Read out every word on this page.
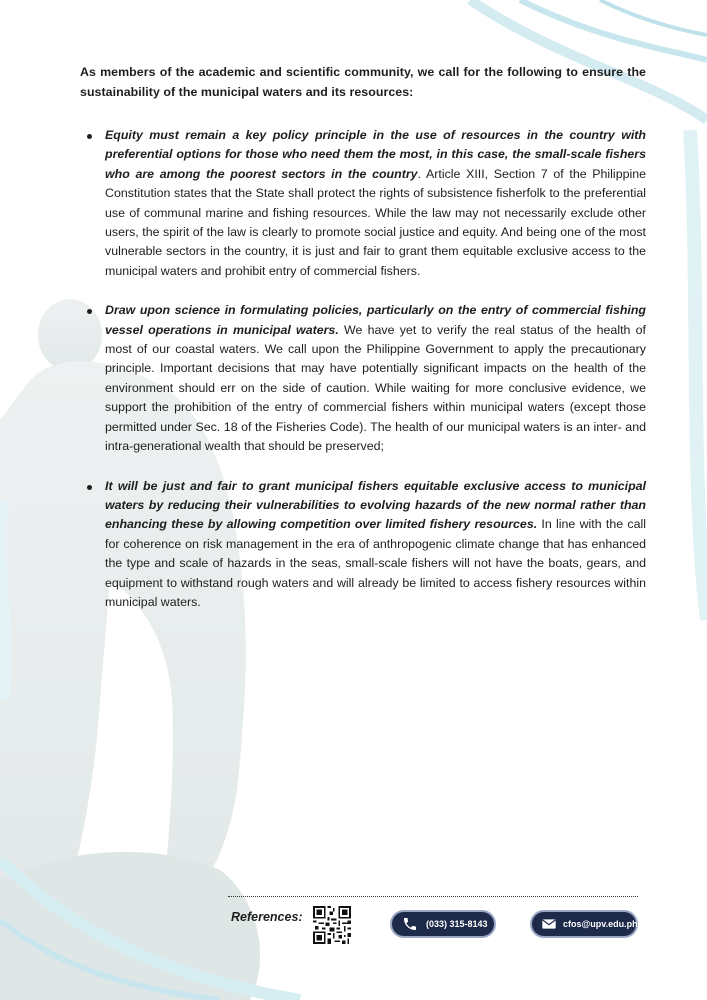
As members of the academic and scientific community, we call for the following to ensure the sustainability of the municipal waters and its resources:

Equity must remain a key policy principle in the use of resources in the country with preferential options for those who need them the most, in this case, the small-scale fishers who are among the poorest sectors in the country. Article XIII, Section 7 of the Philippine Constitution states that the State shall protect the rights of subsistence fisherfolk to the preferential use of communal marine and fishing resources. While the law may not necessarily exclude other users, the spirit of the law is clearly to promote social justice and equity. And being one of the most vulnerable sectors in the country, it is just and fair to grant them equitable exclusive access to the municipal waters and prohibit entry of commercial fishers.
Draw upon science in formulating policies, particularly on the entry of commercial fishing vessel operations in municipal waters. We have yet to verify the real status of the health of most of our coastal waters. We call upon the Philippine Government to apply the precautionary principle. Important decisions that may have potentially significant impacts on the health of the environment should err on the side of caution. While waiting for more conclusive evidence, we support the prohibition of the entry of commercial fishers within municipal waters (except those permitted under Sec. 18 of the Fisheries Code). The health of our municipal waters is an inter- and intra-generational wealth that should be preserved;
It will be just and fair to grant municipal fishers equitable exclusive access to municipal waters by reducing their vulnerabilities to evolving hazards of the new normal rather than enhancing these by allowing competition over limited fishery resources. In line with the call for coherence on risk management in the era of anthropogenic climate change that has enhanced the type and scale of hazards in the seas, small-scale fishers will not have the boats, gears, and equipment to withstand rough waters and will already be limited to access fishery resources within municipal waters.
References:	(033) 315-8143	cfos@upv.edu.ph
